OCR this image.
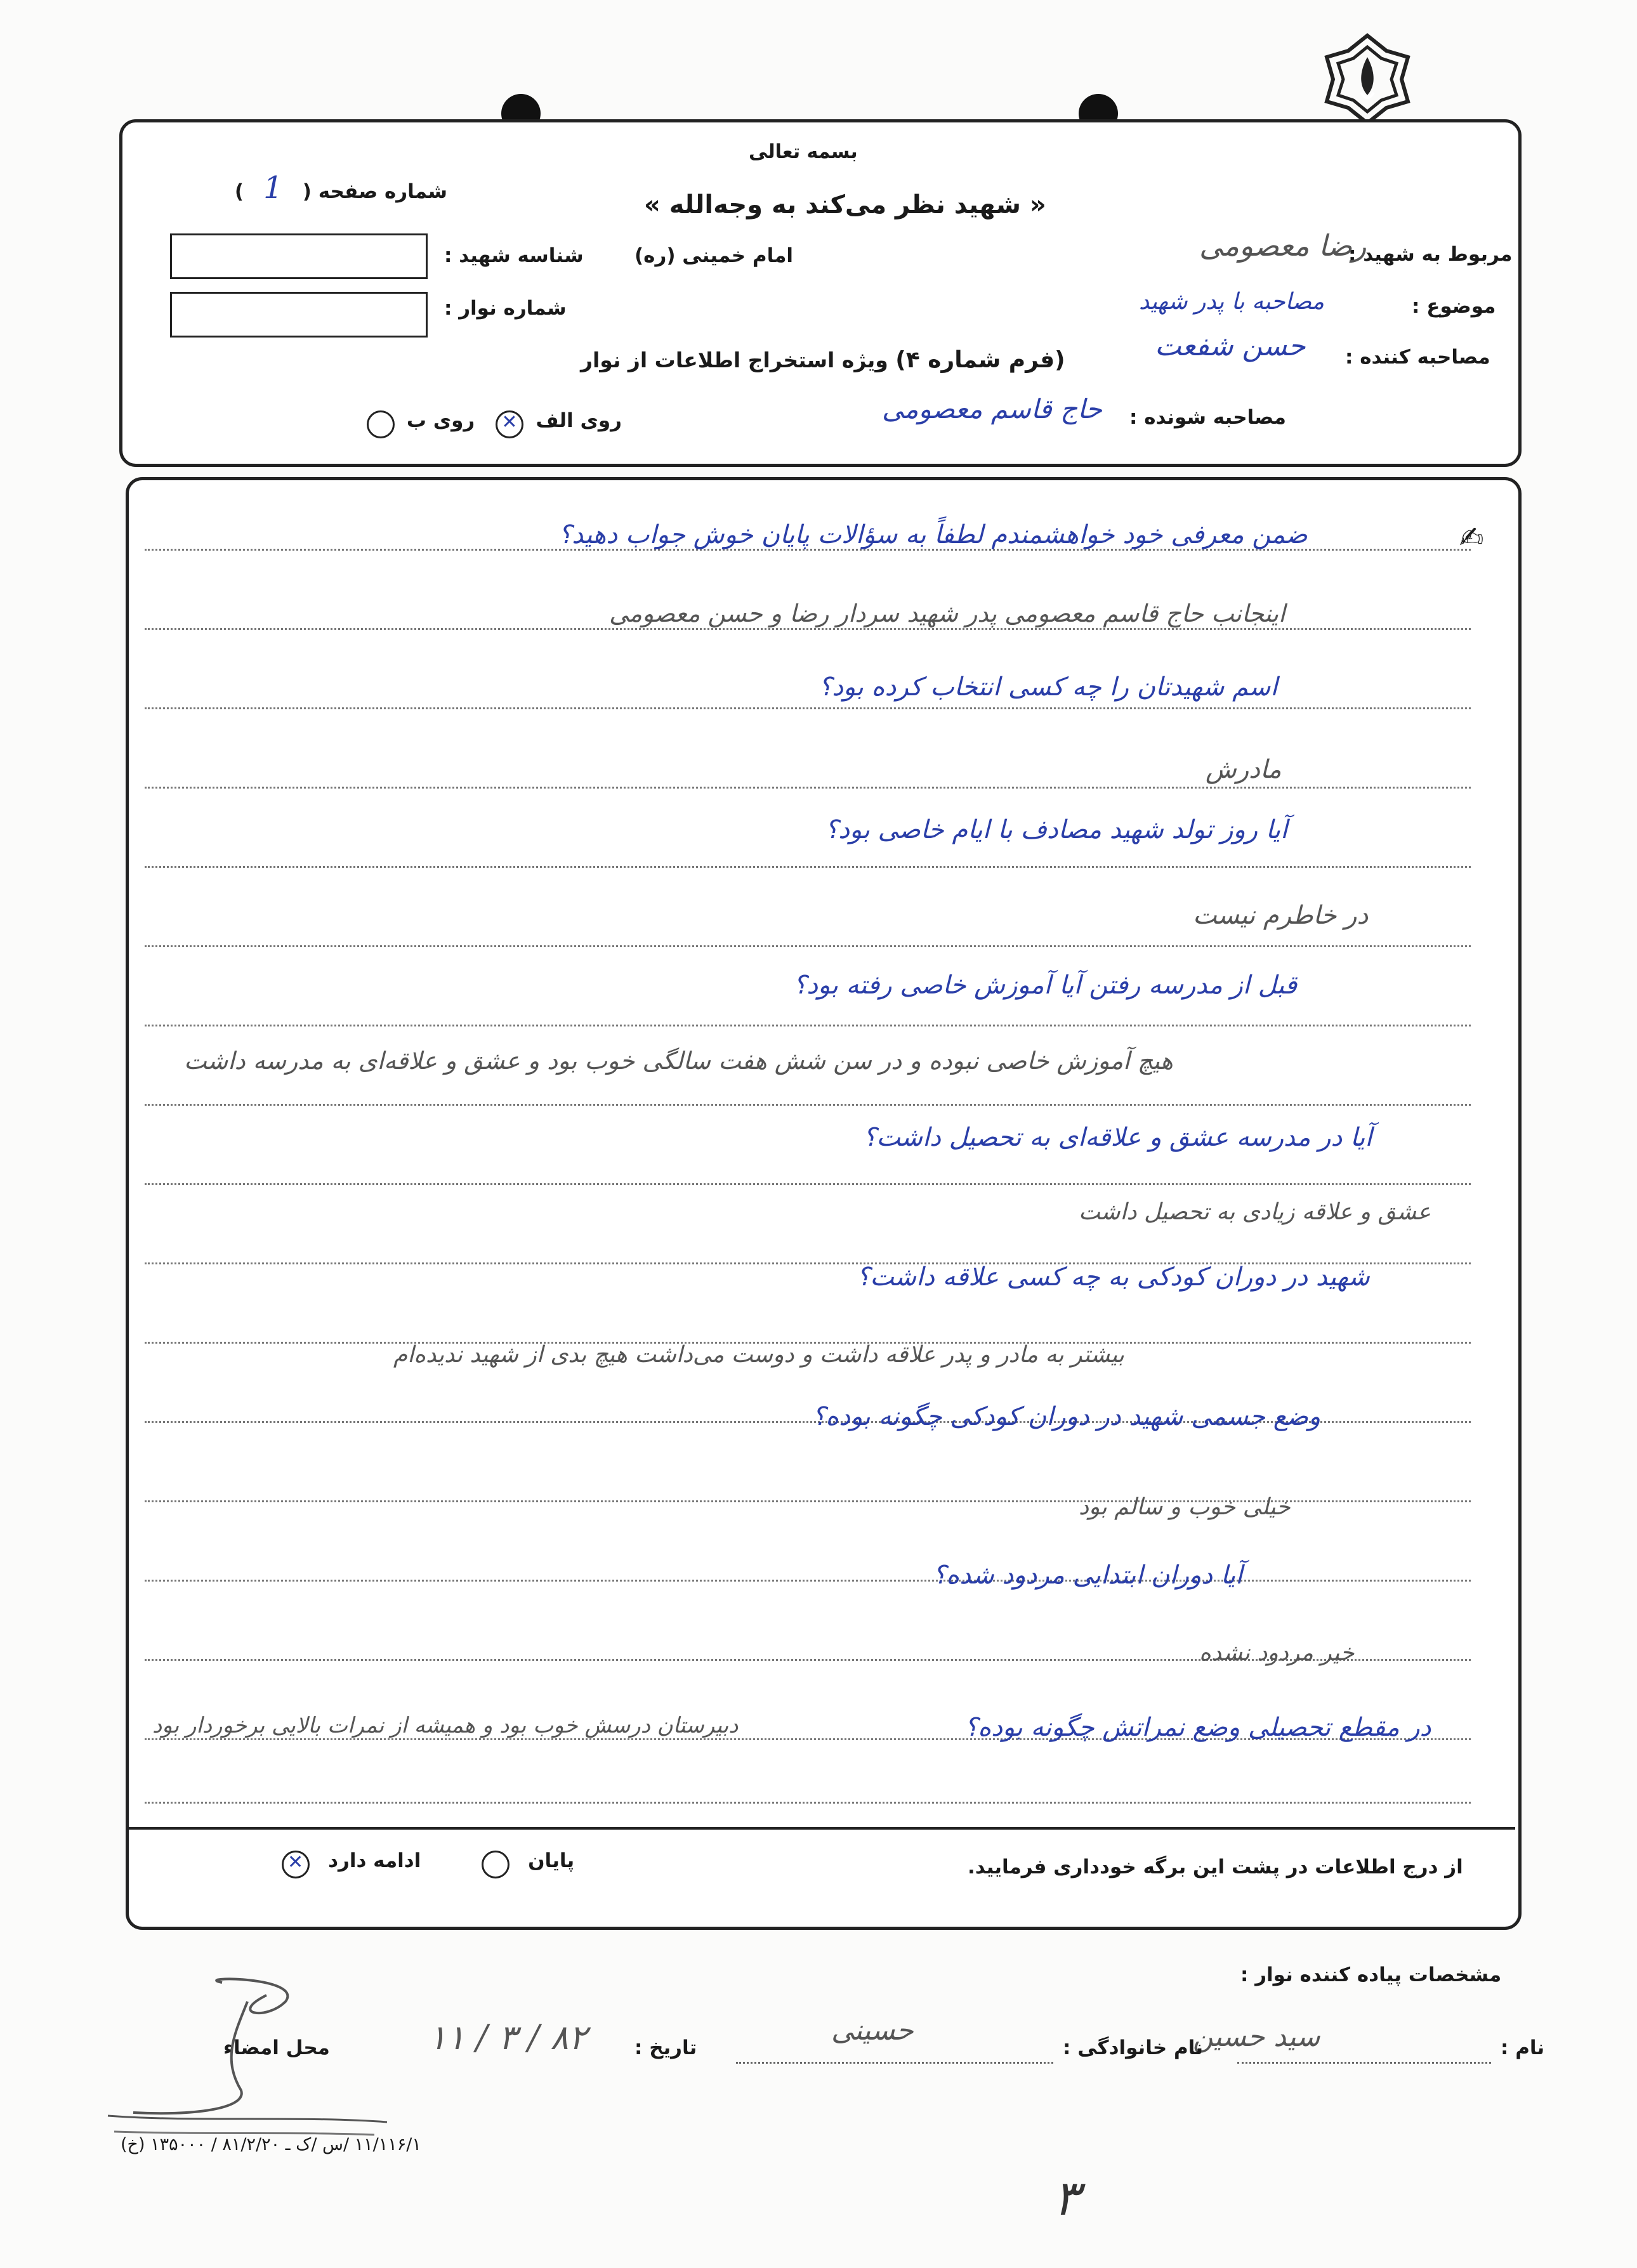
بسمه تعالی
« شهید نظر می‌کند به وجه‌الله »
امام خمینی (ره)
شماره صفحه ( 1 )
شناسه شهید :
شماره نوار :
(فرم شماره ۴) ویژه استخراج اطلاعات از نوار
روی الف ✕ روی ب
مربوط به شهید :
رضا معصومی
موضوع :
مصاحبه با پدر شهید
مصاحبه کننده :
حسن شفعت
مصاحبه شونده :
حاج قاسم معصومی
✍
ضمن معرفی خود خواهشمندم لطفاً به سؤالات پایان خوش جواب دهید؟
اینجانب حاج قاسم معصومی پدر شهید سردار رضا و حسن معصومی
اسم شهیدتان را چه کسی انتخاب کرده بود؟
مادرش
آیا روز تولد شهید مصادف با ایام خاصی بود؟
در خاطرم نیست
قبل از مدرسه رفتن آیا آموزش خاصی رفته بود؟
هیچ آموزش خاصی نبوده و در سن شش هفت سالگی خوب بود و عشق و علاقه‌ای به مدرسه داشت
آیا در مدرسه عشق و علاقه‌ای به تحصیل داشت؟
عشق و علاقه زیادی به تحصیل داشت
شهید در دوران کودکی به چه کسی علاقه داشت؟
بیشتر به مادر و پدر علاقه داشت و دوست می‌داشت هیچ بدی از شهید ندیده‌ام
وضع جسمی شهید در دوران کودکی چگونه بوده؟
خیلی خوب و سالم بود
آیا دوران ابتدایی مردود شده؟
خیر مردود نشده
در مقطع تحصیلی وضع نمراتش چگونه بوده؟
دبیرستان درسش خوب بود و همیشه از نمرات بالایی برخوردار بود
از درج اطلاعات در پشت این برگه خودداری فرمایید.
پایان
ادامه دارد ✕
مشخصات پیاده کننده نوار :
نام :
سید حسین
نام خانوادگی :
حسینی
تاریخ :
۸۲ / ۳ / ۱۱
محل امضاء
۱۱/۱۱۶/۱ /س /ک ـ ۸۱/۲/۲۰ / ۱۳۵۰۰۰ (خ)
۳
